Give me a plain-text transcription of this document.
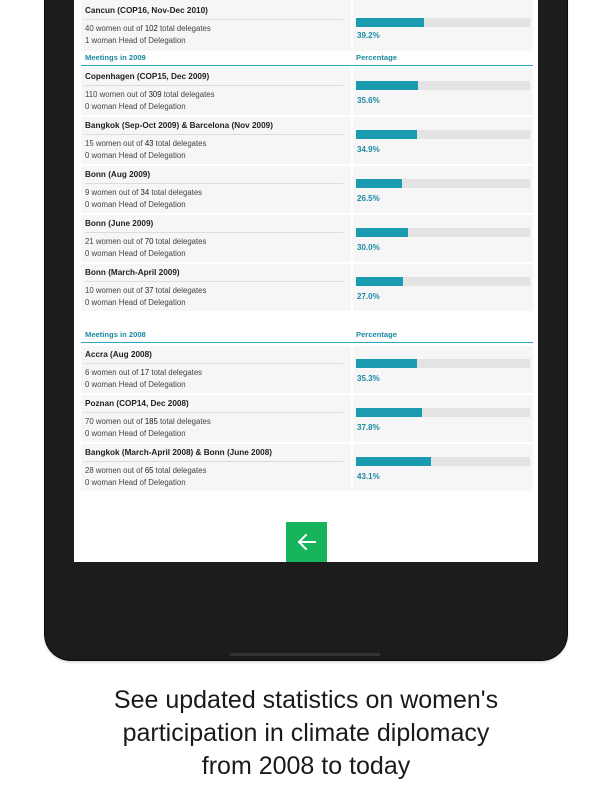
Cancun (COP16, Nov-Dec 2010)
40 women out of 102 total delegates
1 woman Head of Delegation
39.2%
Meetings in 2009	Percentage
Copenhagen (COP15, Dec 2009)
110 women out of 309 total delegates
0 woman Head of Delegation
35.6%
Bangkok (Sep-Oct 2009) & Barcelona (Nov 2009)
15 women out of 43 total delegates
0 woman Head of Delegation
34.9%
Bonn (Aug 2009)
9 women out of 34 total delegates
0 woman Head of Delegation
26.5%
Bonn (June 2009)
21 women out of 70 total delegates
0 woman Head of Delegation
30.0%
Bonn (March-April 2009)
10 women out of 37 total delegates
0 woman Head of Delegation
27.0%
Meetings in 2008	Percentage
Accra (Aug 2008)
6 women out of 17 total delegates
0 woman Head of Delegation
35.3%
Poznan (COP14, Dec 2008)
70 women out of 185 total delegates
0 woman Head of Delegation
37.8%
Bangkok (March-April 2008) & Bonn (June 2008)
28 women out of 65 total delegates
0 woman Head of Delegation
43.1%
See updated statistics on women's
participation in climate diplomacy
from 2008 to today
